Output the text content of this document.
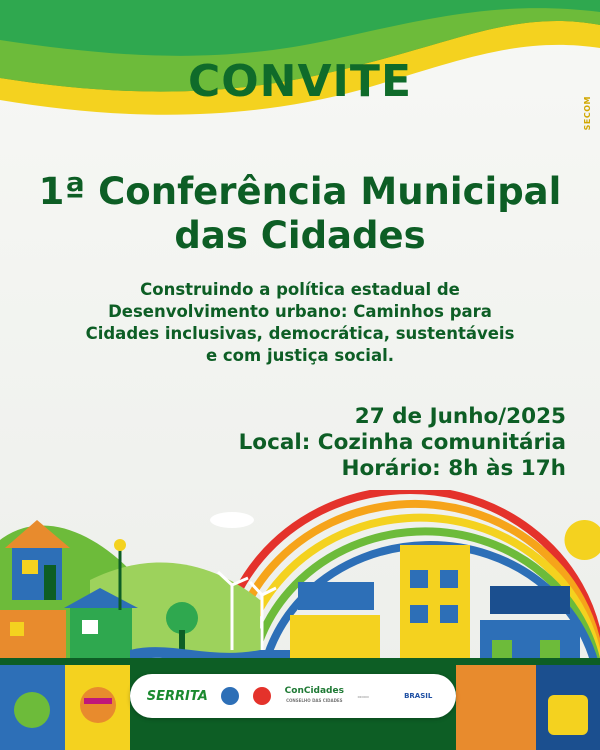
SECOM
CONVITE
1ª Conferência Municipal
das Cidades
Construindo a política estadual de
Desenvolvimento urbano: Caminhos para
Cidades inclusivas, democrática, sustentáveis
e com justiça social.
27 de Junho/2025
Local: Cozinha comunitária
Horário: 8h às 17h
SERRITA	ConCidades
CONSELHO DAS CIDADES
▭▭▭	BRASIL
